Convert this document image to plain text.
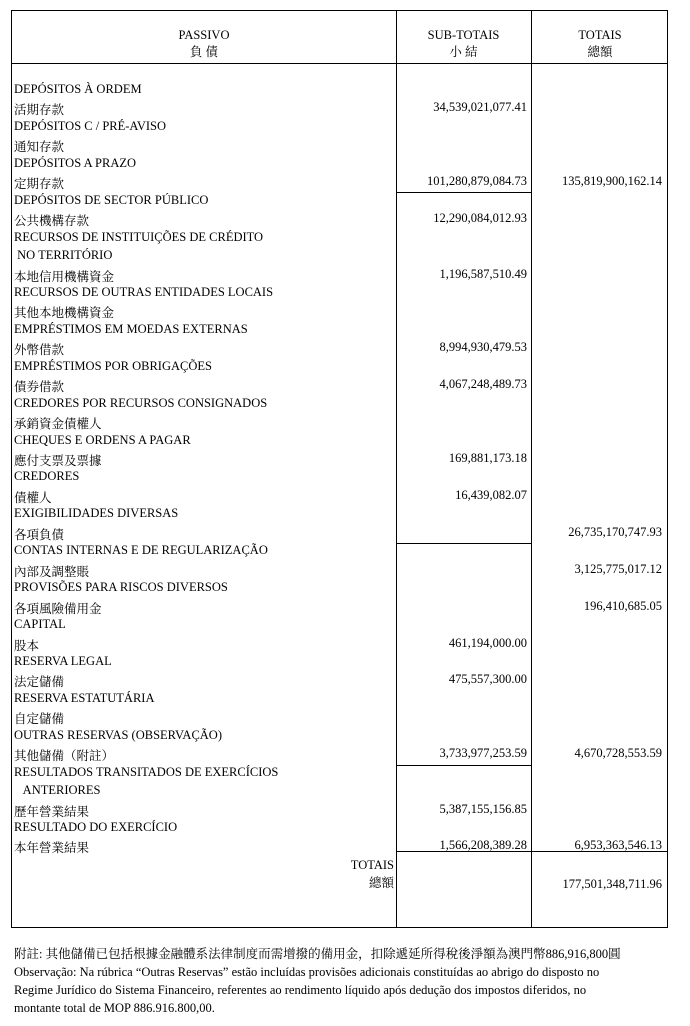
PASSIVO
負 債
SUB-TOTAIS
小 結
TOTAIS
總額
DEPÓSITOS À ORDEM
活期存款	34,539,021,077.41
DEPÓSITOS C / PRÉ-AVISO
通知存款
DEPÓSITOS A PRAZO
定期存款	101,280,879,084.73	135,819,900,162.14
DEPÓSITOS DE SECTOR PÚBLICO
公共機構存款	12,290,084,012.93
RECURSOS DE INSTITUIÇÕES DE CRÉDITO
NO TERRITÓRIO
本地信用機構資金	1,196,587,510.49
RECURSOS DE OUTRAS ENTIDADES LOCAIS
其他本地機構資金
EMPRÉSTIMOS EM MOEDAS EXTERNAS
外幣借款	8,994,930,479.53
EMPRÉSTIMOS POR OBRIGAÇÕES
債券借款	4,067,248,489.73
CREDORES POR RECURSOS CONSIGNADOS
承銷資金債權人
CHEQUES E ORDENS A PAGAR
應付支票及票據	169,881,173.18
CREDORES
債權人	16,439,082.07
EXIGIBILIDADES DIVERSAS
各項負債	26,735,170,747.93
CONTAS INTERNAS E DE REGULARIZAÇÃO
內部及調整賬	3,125,775,017.12
PROVISÕES PARA RISCOS DIVERSOS
各項風險備用金	196,410,685.05
CAPITAL
股本	461,194,000.00
RESERVA LEGAL
法定儲備	475,557,300.00
RESERVA ESTATUTÁRIA
自定儲備
OUTRAS RESERVAS (OBSERVAÇÃO)
其他儲備（附註）	3,733,977,253.59	4,670,728,553.59
RESULTADOS TRANSITADOS DE EXERCÍCIOS
ANTERIORES
歷年營業結果	5,387,155,156.85
RESULTADO DO EXERCÍCIO
本年營業結果	1,566,208,389.28	6,953,363,546.13
TOTAIS
總額	177,501,348,711.96
附註: 其他儲備已包括根據金融體系法律制度而需增撥的備用金，扣除遞延所得稅後淨額為澳門幣886,916,800圓
Observação: Na rúbrica “Outras Reservas” estão incluídas provisões adicionais constituídas ao abrigo do disposto no
Regime Jurídico do Sistema Financeiro, referentes ao rendimento líquido após dedução dos impostos diferidos, no
montante total de MOP 886.916.800,00.
